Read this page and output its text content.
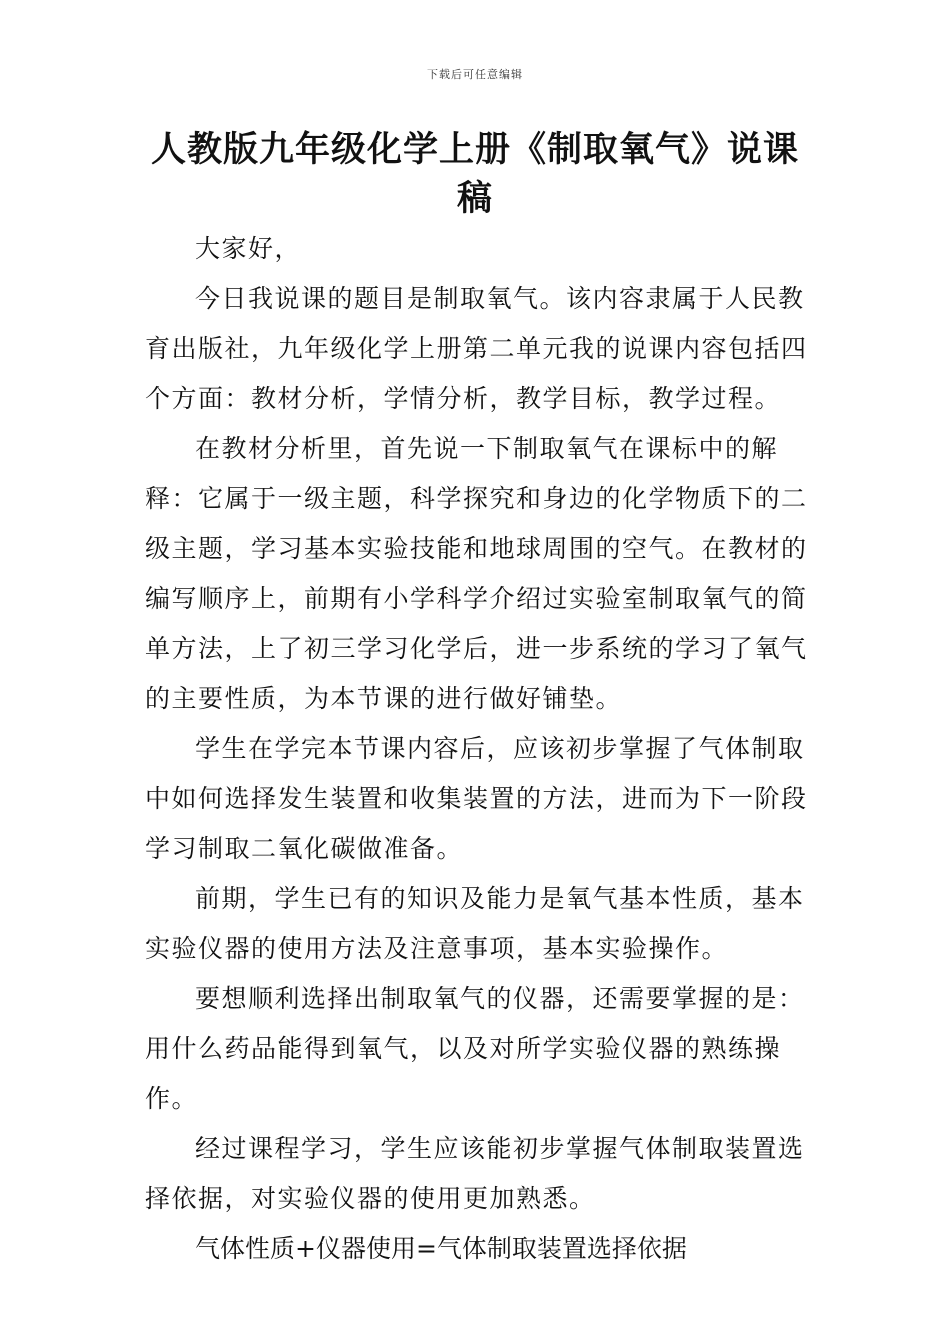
下载后可任意编辑
人教版九年级化学上册《制取氧气》说课
稿

大家好，

今日我说课的题目是制取氧气。该内容隶属于人民教育出版社，九年级化学上册第二单元我的说课内容包括四个方面：教材分析，学情分析，教学目标，教学过程。

在教材分析里，首先说一下制取氧气在课标中的解释：它属于一级主题，科学探究和身边的化学物质下的二级主题，学习基本实验技能和地球周围的空气。在教材的编写顺序上，前期有小学科学介绍过实验室制取氧气的简单方法，上了初三学习化学后，进一步系统的学习了氧气的主要性质，为本节课的进行做好铺垫。

学生在学完本节课内容后，应该初步掌握了气体制取中如何选择发生装置和收集装置的方法，进而为下一阶段学习制取二氧化碳做准备。

前期，学生已有的知识及能力是氧气基本性质，基本实验仪器的使用方法及注意事项，基本实验操作。

要想顺利选择出制取氧气的仪器，还需要掌握的是：用什么药品能得到氧气，以及对所学实验仪器的熟练操作。

经过课程学习，学生应该能初步掌握气体制取装置选择依据，对实验仪器的使用更加熟悉。

气体性质+仪器使用=气体制取装置选择依据
